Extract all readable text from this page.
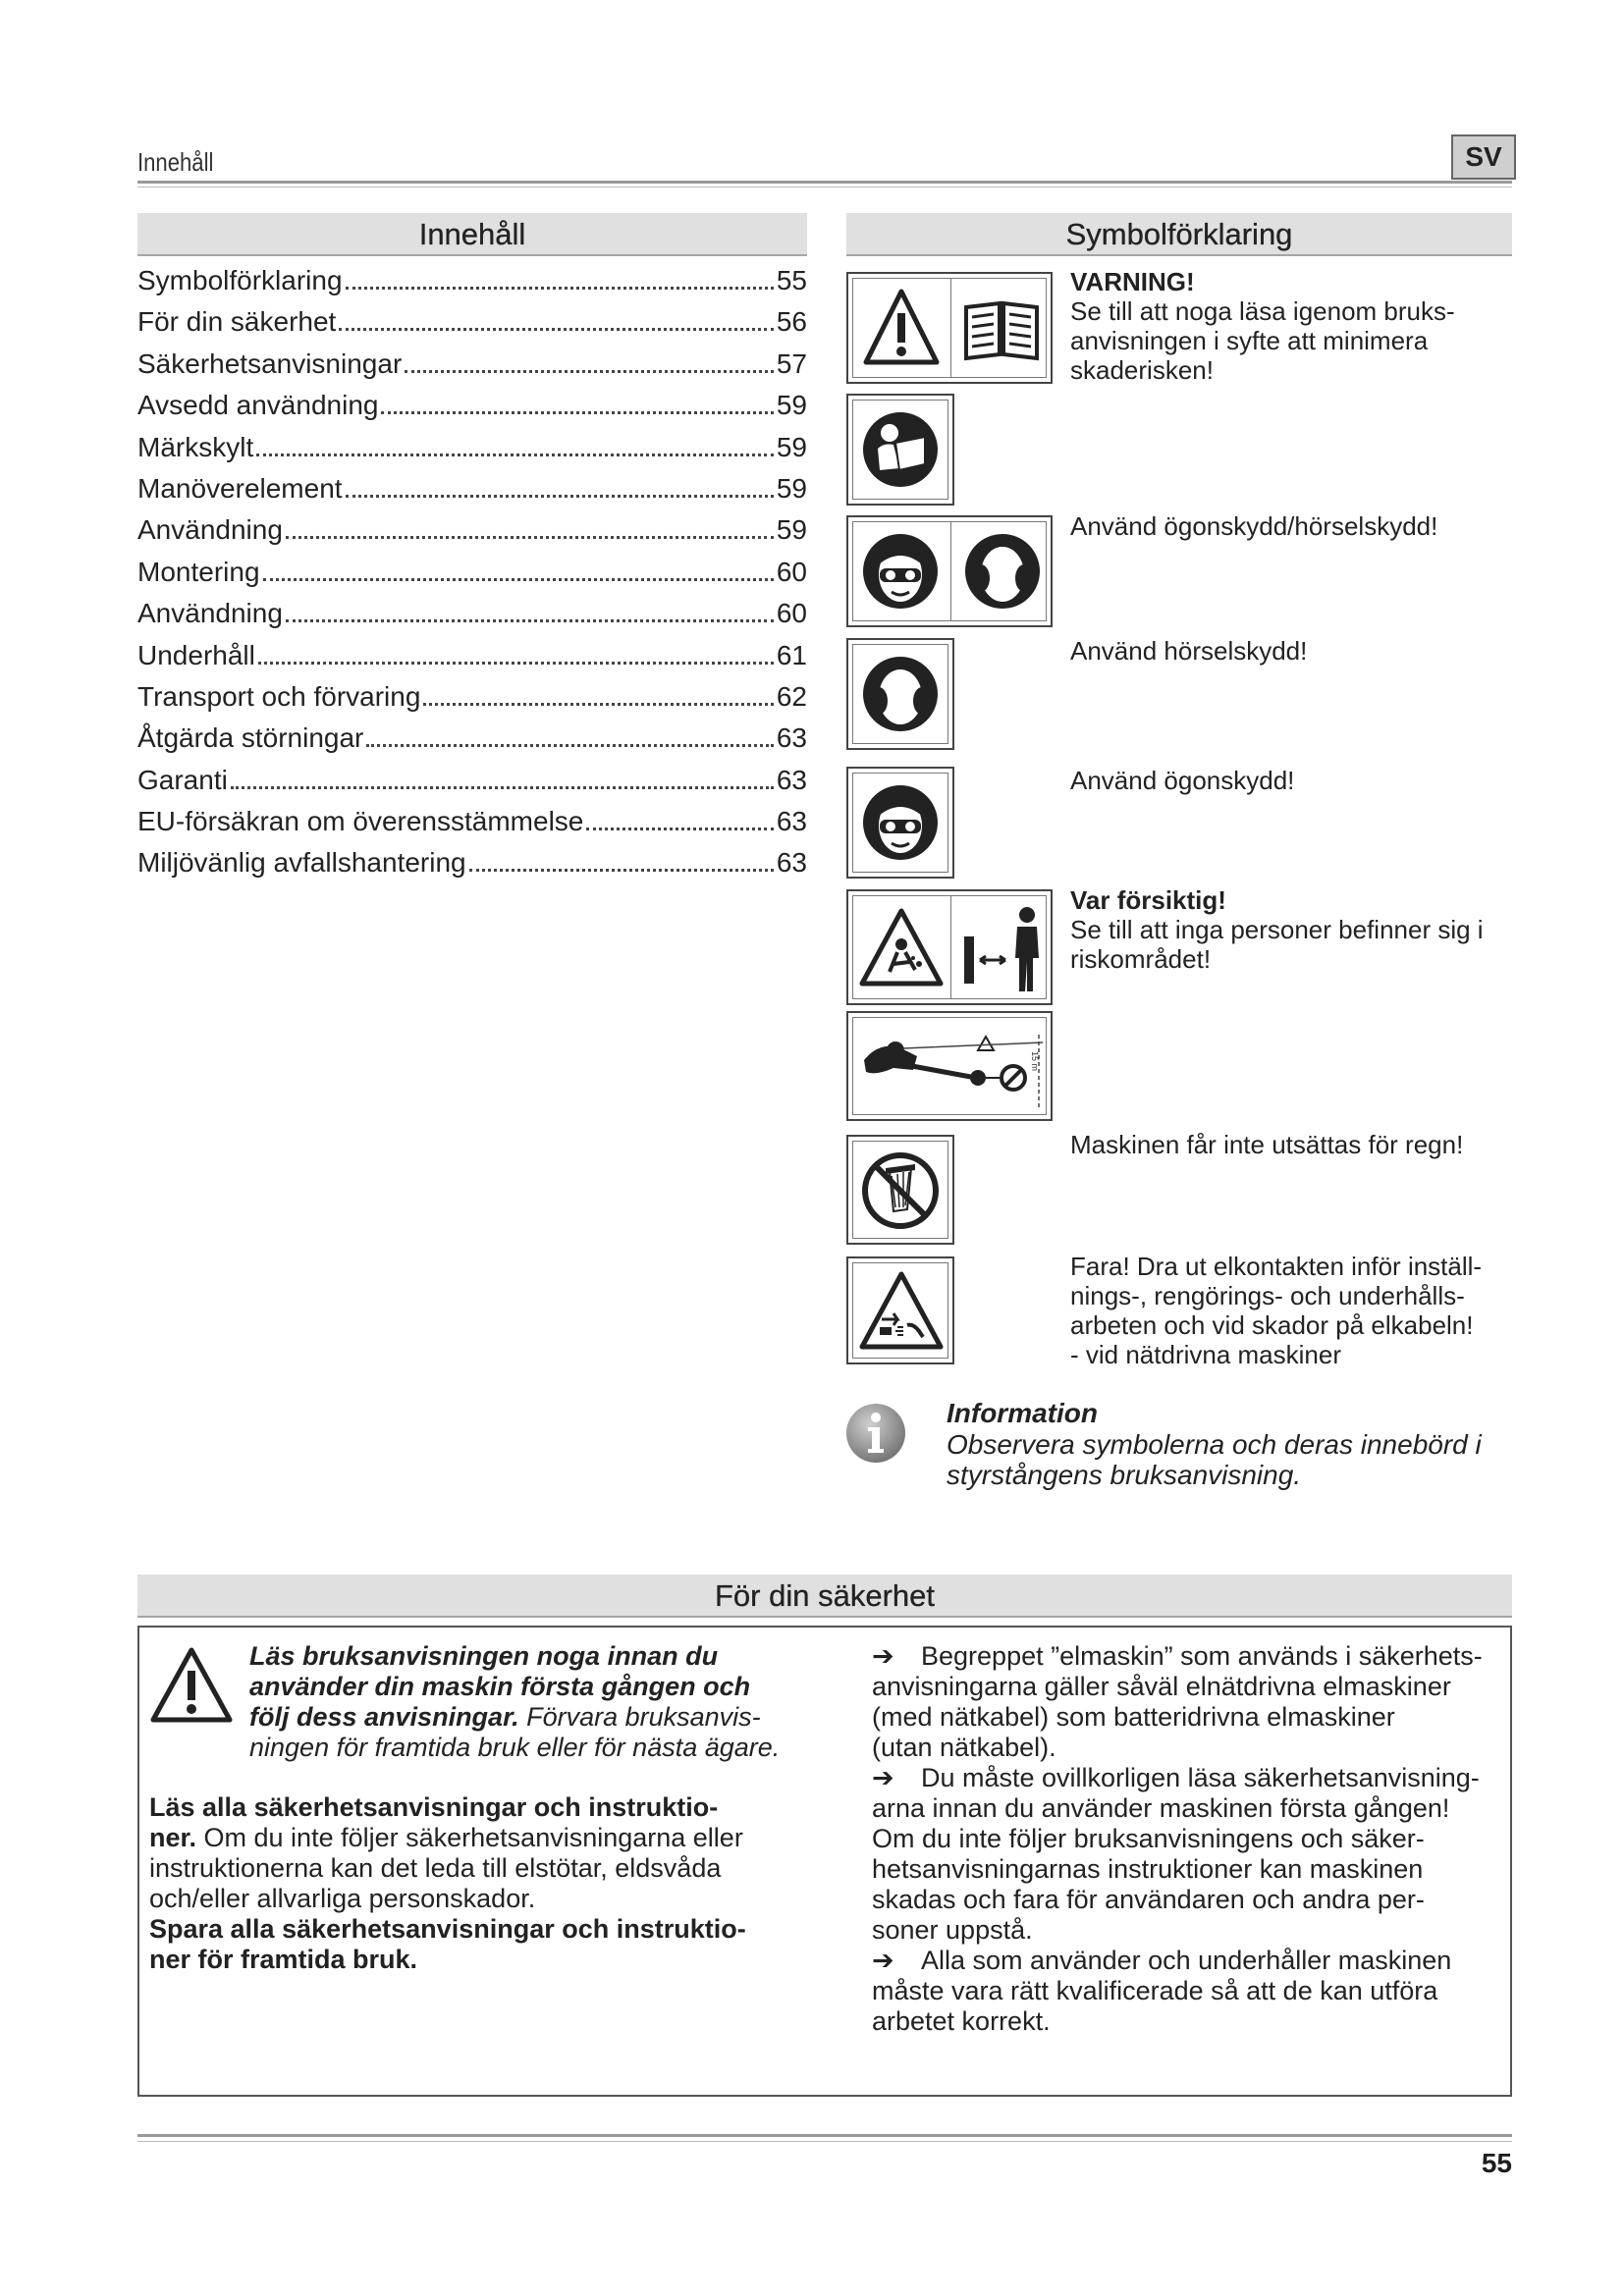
Innehåll	SV
Innehåll
Symbolförklaring	55
För din säkerhet	56
Säkerhetsanvisningar	57
Avsedd användning	59
Märkskylt	59
Manöverelement	59
Användning	59
Montering	60
Användning	60
Underhåll	61
Transport och förvaring	62
Åtgärda störningar	63
Garanti	63
EU-försäkran om överensstämmelse	63
Miljövänlig avfallshantering	63
Symbolförklaring
VARNING!
Se till att noga läsa igenom bruks-
anvisningen i syfte att minimera
skaderisken!
Använd ögonskydd/hörselskydd!
Använd hörselskydd!
Använd ögonskydd!
Var försiktig!
Se till att inga personer befinner sig i
riskområdet!
15 m
Maskinen får inte utsättas för regn!
Fara! Dra ut elkontakten inför inställ-
nings-, rengörings- och underhålls-
arbeten och vid skador på elkabeln!
- vid nätdrivna maskiner
Information
Observera symbolerna och deras innebörd i
styrstångens bruksanvisning.
För din säkerhet
Läs bruksanvisningen noga innan du
använder din maskin första gången och
följ dess anvisningar. Förvara bruksanvis-
ningen för framtida bruk eller för nästa ägare.
Läs alla säkerhetsanvisningar och instruktio-
ner. Om du inte följer säkerhetsanvisningarna eller
instruktionerna kan det leda till elstötar, eldsvåda
och/eller allvarliga personskador.
Spara alla säkerhetsanvisningar och instruktio-
ner för framtida bruk.
➔ Begreppet ”elmaskin” som används i säkerhets-
anvisningarna gäller såväl elnätdrivna elmaskiner
(med nätkabel) som batteridrivna elmaskiner
(utan nätkabel).
➔ Du måste ovillkorligen läsa säkerhetsanvisning-
arna innan du använder maskinen första gången!
Om du inte följer bruksanvisningens och säker-
hetsanvisningarnas instruktioner kan maskinen
skadas och fara för användaren och andra per-
soner uppstå.
➔ Alla som använder och underhåller maskinen
måste vara rätt kvalificerade så att de kan utföra
arbetet korrekt.
55
